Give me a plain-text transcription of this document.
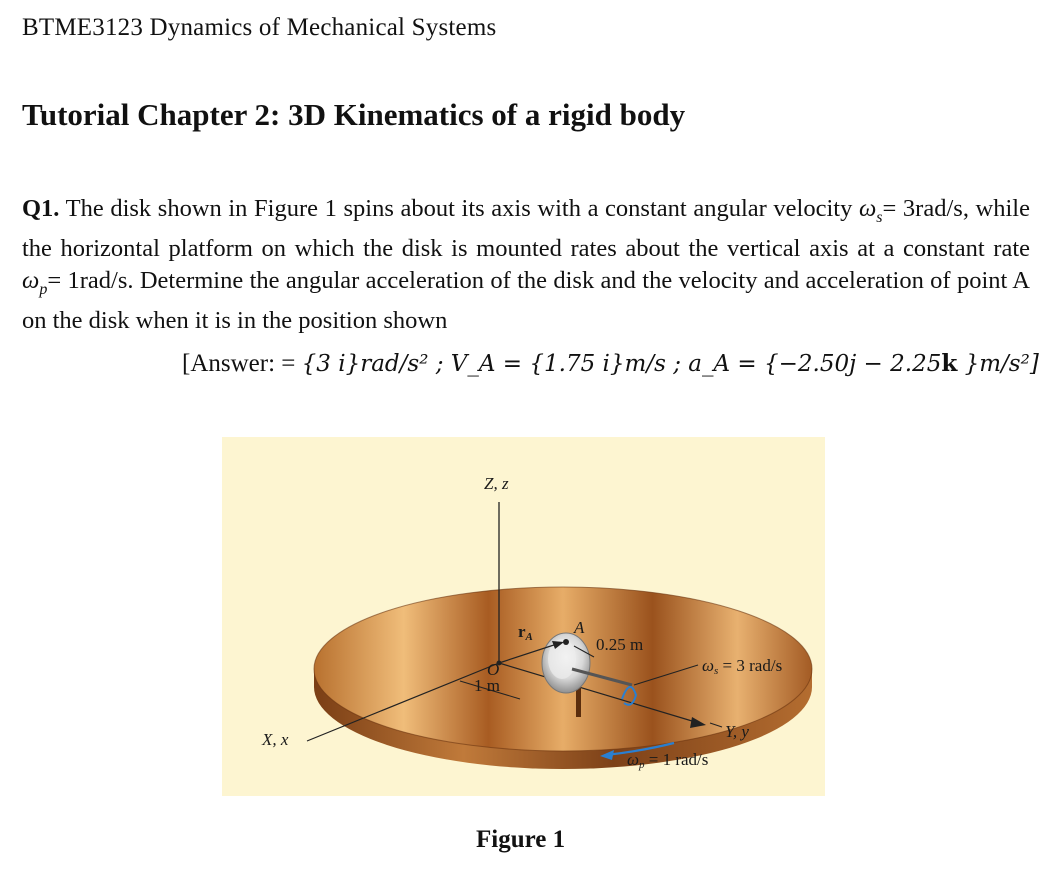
BTME3123 Dynamics of Mechanical Systems
Tutorial Chapter 2: 3D Kinematics of a rigid body
Q1. The disk shown in Figure 1 spins about its axis with a constant angular velocity $\omega_s= 3rad/s$, while the horizontal platform on which the disk is mounted rates about the vertical axis at a constant rate $\omega_p= 1rad/s$. Determine the angular acceleration of the disk and the velocity and acceleration of point A on the disk when it is in the position shown
[Answer: = {3 i}rad/s² ; V_A = {1.75 i}m/s ; a_A = {−2.50j − 2.25k }m/s²]
Z, z
X, x	Y, y
O
1 m
rA A
0.25 m
ωs = 3 rad/s
ωp = 1 rad/s
Figure 1
